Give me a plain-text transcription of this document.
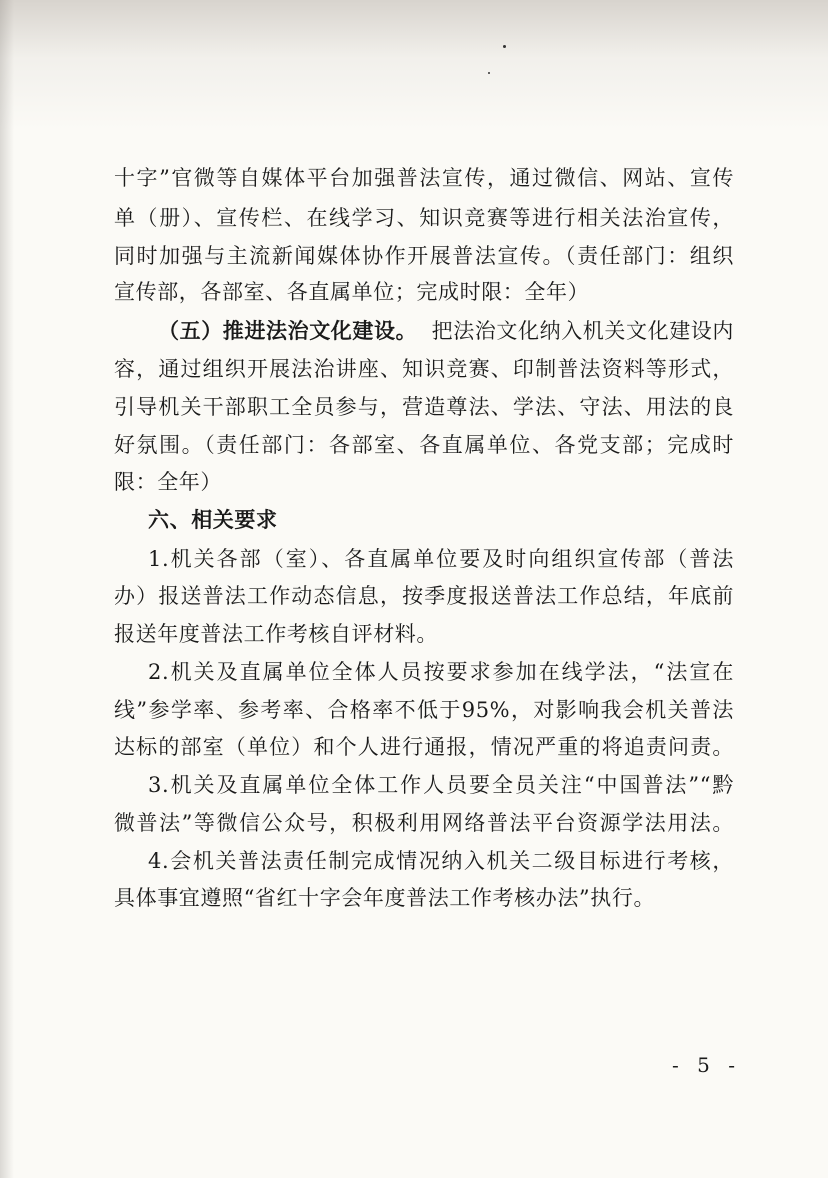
十字”官微等自媒体平台加强普法宣传，通过微信、网站、宣传
单（册）、宣传栏、在线学习、知识竞赛等进行相关法治宣传，
同时加强与主流新闻媒体协作开展普法宣传。（责任部门：组织
宣传部，各部室、各直属单位；完成时限：全年）
（五）推进法治文化建设。 把法治文化纳入机关文化建设内
容，通过组织开展法治讲座、知识竞赛、印制普法资料等形式，
引导机关干部职工全员参与，营造尊法、学法、守法、用法的良
好氛围。（责任部门：各部室、各直属单位、各党支部；完成时
限：全年）
六、相关要求
1.机关各部（室）、各直属单位要及时向组织宣传部（普法
办）报送普法工作动态信息，按季度报送普法工作总结，年底前
报送年度普法工作考核自评材料。
2.机关及直属单位全体人员按要求参加在线学法，“法宣在
线”参学率、参考率、合格率不低于95%，对影响我会机关普法
达标的部室（单位）和个人进行通报，情况严重的将追责问责。
3.机关及直属单位全体工作人员要全员关注“中国普法”“黔
微普法”等微信公众号，积极利用网络普法平台资源学法用法。
4.会机关普法责任制完成情况纳入机关二级目标进行考核，
具体事宜遵照“省红十字会年度普法工作考核办法”执行。
- 5 -
